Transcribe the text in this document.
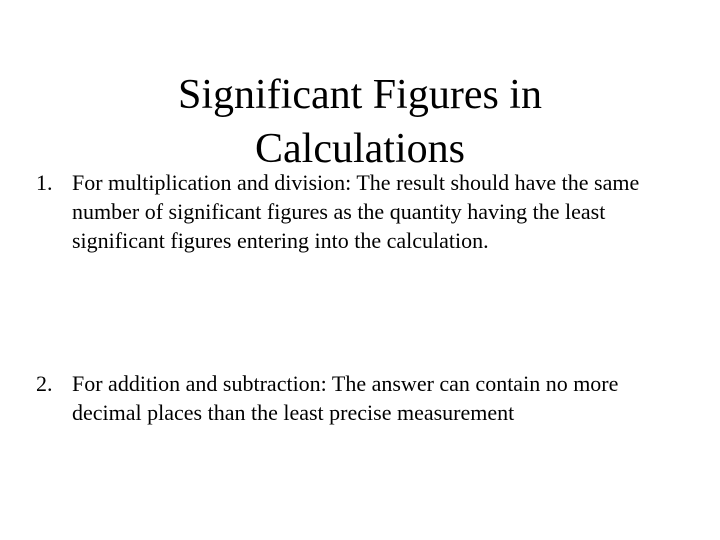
Significant Figures in
Calculations
1. For multiplication and division: The result should have the same number of significant figures as the quantity having the least significant figures entering into the calculation.
2. For addition and subtraction: The answer can contain no more decimal places than the least precise measurement
